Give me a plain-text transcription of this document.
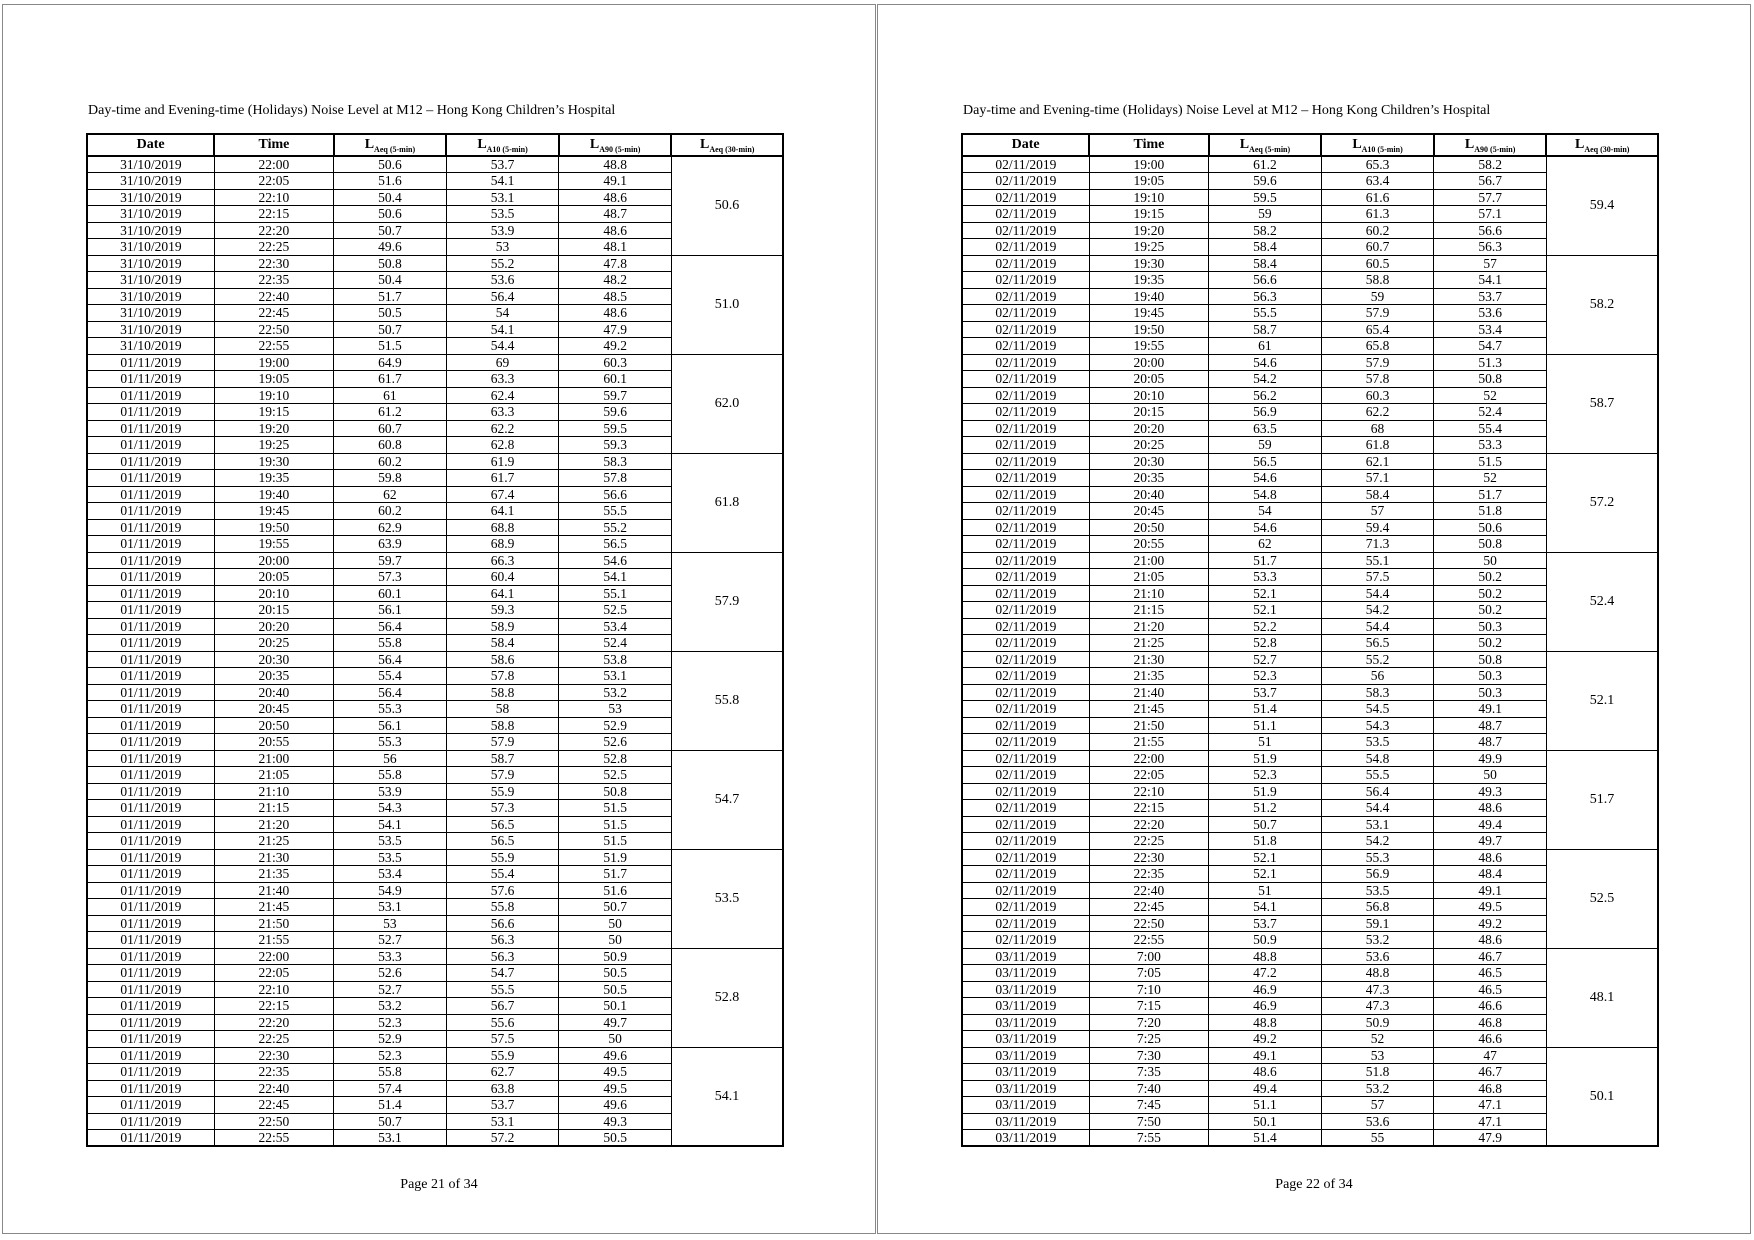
Day-time and Evening-time (Holidays) Noise Level at M12 – Hong Kong Children’s Hospital
Date	Time	$L_{Aeq (5-min)}$	$L_{A10 (5-min)}$	$L_{A90 (5-min)}$	$L_{Aeq (30-min)}$
31/10/2019	22:00	50.6	53.7	48.8	50.6
31/10/2019	22:05	51.6	54.1	49.1	
31/10/2019	22:10	50.4	53.1	48.6	
31/10/2019	22:15	50.6	53.5	48.7	
31/10/2019	22:20	50.7	53.9	48.6	
31/10/2019	22:25	49.6	53	48.1	
31/10/2019	22:30	50.8	55.2	47.8	51.0
31/10/2019	22:35	50.4	53.6	48.2	
31/10/2019	22:40	51.7	56.4	48.5	
31/10/2019	22:45	50.5	54	48.6	
31/10/2019	22:50	50.7	54.1	47.9	
31/10/2019	22:55	51.5	54.4	49.2	
01/11/2019	19:00	64.9	69	60.3	62.0
01/11/2019	19:05	61.7	63.3	60.1	
01/11/2019	19:10	61	62.4	59.7	
01/11/2019	19:15	61.2	63.3	59.6	
01/11/2019	19:20	60.7	62.2	59.5	
01/11/2019	19:25	60.8	62.8	59.3	
01/11/2019	19:30	60.2	61.9	58.3	61.8
01/11/2019	19:35	59.8	61.7	57.8	
01/11/2019	19:40	62	67.4	56.6	
01/11/2019	19:45	60.2	64.1	55.5	
01/11/2019	19:50	62.9	68.8	55.2	
01/11/2019	19:55	63.9	68.9	56.5	
01/11/2019	20:00	59.7	66.3	54.6	57.9
01/11/2019	20:05	57.3	60.4	54.1	
01/11/2019	20:10	60.1	64.1	55.1	
01/11/2019	20:15	56.1	59.3	52.5	
01/11/2019	20:20	56.4	58.9	53.4	
01/11/2019	20:25	55.8	58.4	52.4	
01/11/2019	20:30	56.4	58.6	53.8	55.8
01/11/2019	20:35	55.4	57.8	53.1	
01/11/2019	20:40	56.4	58.8	53.2	
01/11/2019	20:45	55.3	58	53	
01/11/2019	20:50	56.1	58.8	52.9	
01/11/2019	20:55	55.3	57.9	52.6	
01/11/2019	21:00	56	58.7	52.8	54.7
01/11/2019	21:05	55.8	57.9	52.5	
01/11/2019	21:10	53.9	55.9	50.8	
01/11/2019	21:15	54.3	57.3	51.5	
01/11/2019	21:20	54.1	56.5	51.5	
01/11/2019	21:25	53.5	56.5	51.5	
01/11/2019	21:30	53.5	55.9	51.9	53.5
01/11/2019	21:35	53.4	55.4	51.7	
01/11/2019	21:40	54.9	57.6	51.6	
01/11/2019	21:45	53.1	55.8	50.7	
01/11/2019	21:50	53	56.6	50	
01/11/2019	21:55	52.7	56.3	50	
01/11/2019	22:00	53.3	56.3	50.9	52.8
01/11/2019	22:05	52.6	54.7	50.5	
01/11/2019	22:10	52.7	55.5	50.5	
01/11/2019	22:15	53.2	56.7	50.1	
01/11/2019	22:20	52.3	55.6	49.7	
01/11/2019	22:25	52.9	57.5	50	
01/11/2019	22:30	52.3	55.9	49.6	54.1
01/11/2019	22:35	55.8	62.7	49.5	
01/11/2019	22:40	57.4	63.8	49.5	
01/11/2019	22:45	51.4	53.7	49.6	
01/11/2019	22:50	50.7	53.1	49.3	
01/11/2019	22:55	53.1	57.2	50.5	
Page 21 of 34
Day-time and Evening-time (Holidays) Noise Level at M12 – Hong Kong Children’s Hospital
Date	Time	$L_{Aeq (5-min)}$	$L_{A10 (5-min)}$	$L_{A90 (5-min)}$	$L_{Aeq (30-min)}$
02/11/2019	19:00	61.2	65.3	58.2	59.4
02/11/2019	19:05	59.6	63.4	56.7	
02/11/2019	19:10	59.5	61.6	57.7	
02/11/2019	19:15	59	61.3	57.1	
02/11/2019	19:20	58.2	60.2	56.6	
02/11/2019	19:25	58.4	60.7	56.3	
02/11/2019	19:30	58.4	60.5	57	58.2
02/11/2019	19:35	56.6	58.8	54.1	
02/11/2019	19:40	56.3	59	53.7	
02/11/2019	19:45	55.5	57.9	53.6	
02/11/2019	19:50	58.7	65.4	53.4	
02/11/2019	19:55	61	65.8	54.7	
02/11/2019	20:00	54.6	57.9	51.3	58.7
02/11/2019	20:05	54.2	57.8	50.8	
02/11/2019	20:10	56.2	60.3	52	
02/11/2019	20:15	56.9	62.2	52.4	
02/11/2019	20:20	63.5	68	55.4	
02/11/2019	20:25	59	61.8	53.3	
02/11/2019	20:30	56.5	62.1	51.5	57.2
02/11/2019	20:35	54.6	57.1	52	
02/11/2019	20:40	54.8	58.4	51.7	
02/11/2019	20:45	54	57	51.8	
02/11/2019	20:50	54.6	59.4	50.6	
02/11/2019	20:55	62	71.3	50.8	
02/11/2019	21:00	51.7	55.1	50	52.4
02/11/2019	21:05	53.3	57.5	50.2	
02/11/2019	21:10	52.1	54.4	50.2	
02/11/2019	21:15	52.1	54.2	50.2	
02/11/2019	21:20	52.2	54.4	50.3	
02/11/2019	21:25	52.8	56.5	50.2	
02/11/2019	21:30	52.7	55.2	50.8	52.1
02/11/2019	21:35	52.3	56	50.3	
02/11/2019	21:40	53.7	58.3	50.3	
02/11/2019	21:45	51.4	54.5	49.1	
02/11/2019	21:50	51.1	54.3	48.7	
02/11/2019	21:55	51	53.5	48.7	
02/11/2019	22:00	51.9	54.8	49.9	51.7
02/11/2019	22:05	52.3	55.5	50	
02/11/2019	22:10	51.9	56.4	49.3	
02/11/2019	22:15	51.2	54.4	48.6	
02/11/2019	22:20	50.7	53.1	49.4	
02/11/2019	22:25	51.8	54.2	49.7	
02/11/2019	22:30	52.1	55.3	48.6	52.5
02/11/2019	22:35	52.1	56.9	48.4	
02/11/2019	22:40	51	53.5	49.1	
02/11/2019	22:45	54.1	56.8	49.5	
02/11/2019	22:50	53.7	59.1	49.2	
02/11/2019	22:55	50.9	53.2	48.6	
03/11/2019	7:00	48.8	53.6	46.7	48.1
03/11/2019	7:05	47.2	48.8	46.5	
03/11/2019	7:10	46.9	47.3	46.5	
03/11/2019	7:15	46.9	47.3	46.6	
03/11/2019	7:20	48.8	50.9	46.8	
03/11/2019	7:25	49.2	52	46.6	
03/11/2019	7:30	49.1	53	47	50.1
03/11/2019	7:35	48.6	51.8	46.7	
03/11/2019	7:40	49.4	53.2	46.8	
03/11/2019	7:45	51.1	57	47.1	
03/11/2019	7:50	50.1	53.6	47.1	
03/11/2019	7:55	51.4	55	47.9	
Page 22 of 34
